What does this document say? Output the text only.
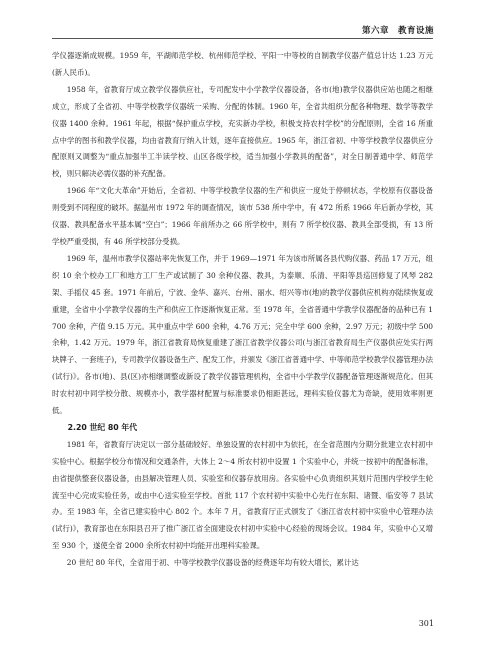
第六章　教育设施

学仪器逐渐成规模。1959 年，平湖师范学校、杭州师范学校、平阳一中等校的自制教学仪器产值总计达 1.23 万元(新人民币)。

1958 年，省教育厅成立教学仪器供应社，专司配发中小学教学仪器设备，各市(地)教学仪器供应站也随之相继成立，形成了全省初、中等学校教学仪器统一采购、分配的体制。1960 年，全省共组织分配各种物理、数学等教学仪器 1400 余种。1961 年起，根据“保护重点学校，充实新办学校，积极支持农村学校”的分配原则，全省 16 所重点中学的图书和教学仪器，均由省教育厅纳入计划，逐年直接供应。1965 年，浙江省初、中等学校教学仪器供应分配原则又调整为“重点加强半工半读学校、山区各级学校，适当加强小学教具的配备”，对全日制普通中学、师范学校，则只解决必需仪器的补充配备。

1966 年“文化大革命”开始后，全省初、中等学校教学仪器的生产和供应一度处于停顿状态，学校原有仪器设备则受到不同程度的破坏。据温州市 1972 年的调查情况，该市 538 所中学中，有 472 所系 1966 年后新办学校，其仪器、教具配备水平基本属“空白”；1966 年前所办之 66 所学校中，则有 7 所学校仪器、教具全部受损，有 13 所学校严重受损，有 46 所学校部分受损。

1969 年，温州市教学仪器站率先恢复工作，并于 1969—1971 年为该市所属各县代购仪器、药品 17 万元，组织 10 余个校办工厂和地方工厂生产或试制了 30 余种仪器、教具，为泰顺、乐清、平阳等县巡回修复了风琴 282 架、手摇仪 45 套。1971 年前后，宁波、金华、嘉兴、台州、丽水、绍兴等市(地)的教学仪器供应机构亦陆续恢复或重建，全省中小学教学仪器的生产和供应工作逐渐恢复正常。至 1978 年，全省普通中学教学仪器配备的品种已有 1700 余种，产值 9.15 万元。其中重点中学 600 余种，4.76 万元；完全中学 600 余种，2.97 万元；初级中学 500 余种，1.42 万元。1979 年，浙江省教育局恢复重建了浙江省教学仪器公司(与浙江省教育局生产仪器供应处实行两块牌子、一套班子)，专司教学仪器设备生产、配发工作，并颁发《浙江省普通中学、中等师范学校教学仪器管理办法(试行)》。各市(地)、县(区)亦相继调整或新设了教学仪器管理机构，全省中小学教学仪器配备管理逐渐规范化。但其时农村初中同学校分散、规模亦小，教学器材配置与标准要求仍相距甚远，理科实验仪器尤为奇缺，使用效率则更低。

2.20 世纪 80 年代

1981 年，省教育厅决定以一部分基础较好、单独设置的农村初中为依托，在全省范围内分期分批建立农村初中实验中心。根据学校分布情况和交通条件，大体上 2～4 所农村初中设置 1 个实验中心，并统一按初中的配备标准，由省提供整套仪器设备，由县解决管理人员、实验室和仪器存放用房。各实验中心负责组织其划片范围内学校学生轮流至中心完成实验任务，或由中心送实验至学校。首批 117 个农村初中实验中心先行在东阳、诸暨、临安等 7 县试办。至 1983 年，全省已建实验中心 802 个。本年 7 月，省教育厅正式颁发了《浙江省农村初中实验中心管理办法(试行)》，教育部也在东阳县召开了推广浙江省全面建设农村初中实验中心经验的现场会议。1984 年，实验中心又增至 930 个，遂使全省 2000 余所农村初中均能开出理科实验课。

20 世纪 80 年代，全省用于初、中等学校教学仪器设备的经费逐年均有较大增长，累计达

301
